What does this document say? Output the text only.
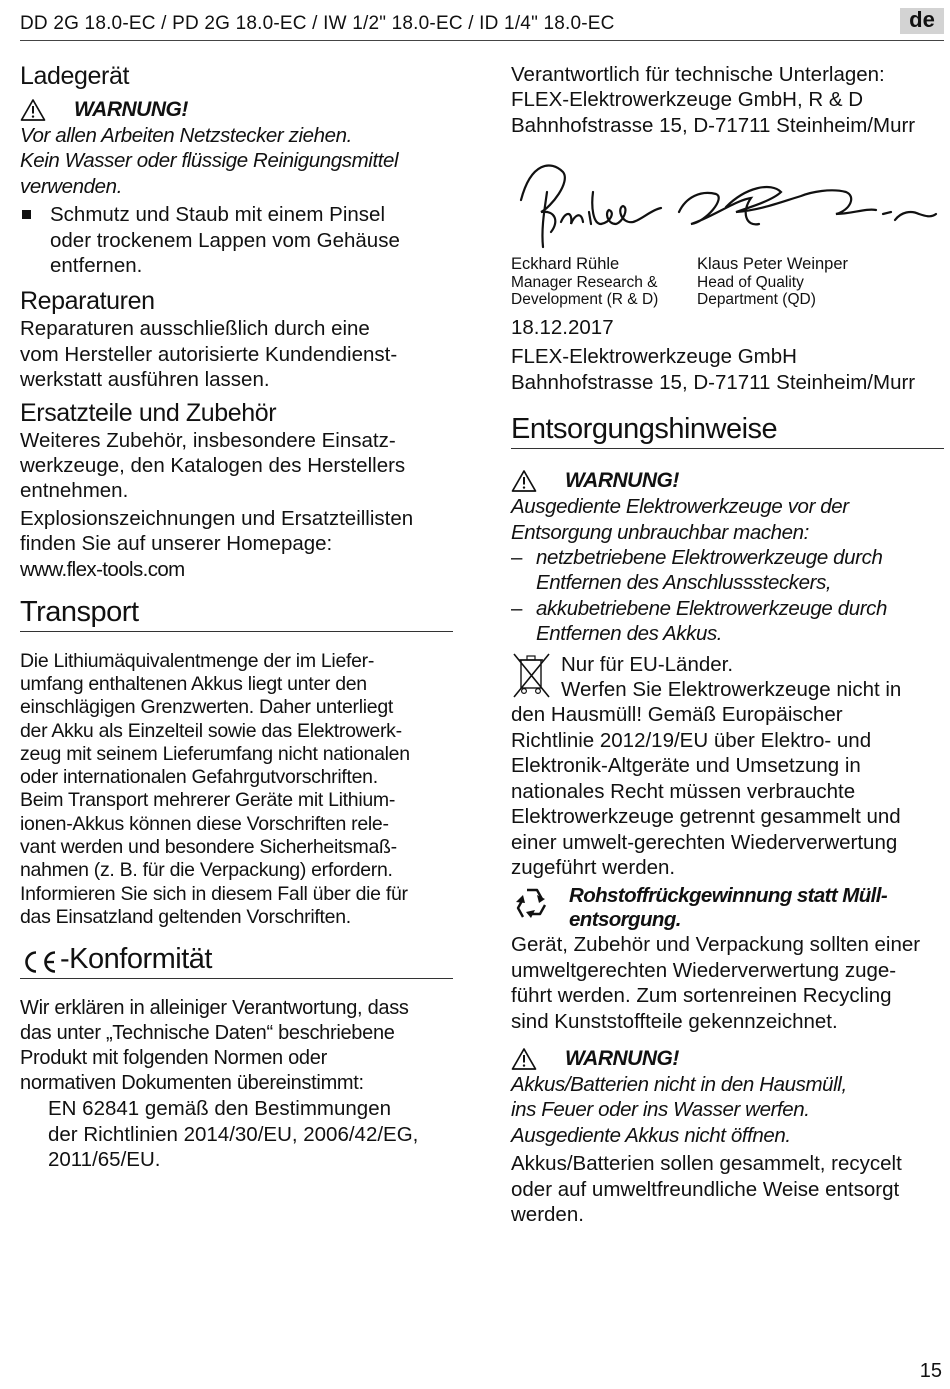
DD 2G 18.0-EC / PD 2G 18.0-EC / IW 1/2" 18.0-EC / ID 1/4" 18.0-EC	de
Ladegerät
WARNUNG!

Vor allen Arbeiten Netzstecker ziehen.
Kein Wasser oder flüssige Reinigungsmittel
verwenden.

Schmutz und Staub mit einem Pinsel
oder trockenem Lappen vom Gehäuse
entfernen.

Reparaturen

Reparaturen ausschließlich durch eine
vom Hersteller autorisierte Kundendienst-
werkstatt ausführen lassen.

Ersatzteile und Zubehör

Weiteres Zubehör, insbesondere Einsatz-
werkzeuge, den Katalogen des Herstellers
entnehmen.

Explosionszeichnungen und Ersatzteillisten
finden Sie auf unserer Homepage:

www.flex-tools.com
Transport

Die Lithiumäquivalentmenge der im Liefer-
umfang enthaltenen Akkus liegt unter den
einschlägigen Grenzwerten. Daher unterliegt
der Akku als Einzelteil sowie das Elektrowerk-
zeug mit seinem Lieferumfang nicht nationalen
oder internationalen Gefahrgutvorschriften.
Beim Transport mehrerer Geräte mit Lithium-
ionen-Akkus können diese Vorschriften rele-
vant werden und besondere Sicherheitsmaß-
nahmen (z. B. für die Verpackung) erfordern.
Informieren Sie sich in diesem Fall über die für
das Einsatzland geltenden Vorschriften.

-Konformität

Wir erklären in alleiniger Verantwortung, dass
das unter „Technische Daten“ beschriebene
Produkt mit folgenden Normen oder
normativen Dokumenten übereinstimmt:

EN 62841 gemäß den Bestimmungen
der Richtlinien 2014/30/EU, 2006/42/EG,
2011/65/EU.

Verantwortlich für technische Unterlagen:
FLEX-Elektrowerkzeuge GmbH, R & D
Bahnhofstrasse 15, D-71711 Steinheim/Murr

Eckhard Rühle
Manager Research &
Development (R & D)
Klaus Peter Weinper
Head of Quality
Department (QD)

18.12.2017
FLEX-Elektrowerkzeuge GmbH
Bahnhofstrasse 15, D-71711 Steinheim/Murr

Entsorgungshinweise
WARNUNG!

Ausgediente Elektrowerkzeuge vor der
Entsorgung unbrauchbar machen:

– netzbetriebene Elektrowerkzeuge durch
Entfernen des Anschlusssteckers,
– akkubetriebene Elektrowerkzeuge durch
Entfernen des Akkus.

Nur für EU-Länder.
Werfen Sie Elektrowerkzeuge nicht in

den Hausmüll! Gemäß Europäischer
Richtlinie 2012/19/EU über Elektro- und
Elektronik-Altgeräte und Umsetzung in
nationales Recht müssen verbrauchte
Elektrowerkzeuge getrennt gesammelt und
einer umwelt-gerechten Wiederverwertung
zugeführt werden.

Rohstoffrückgewinnung statt Müll-
entsorgung.

Gerät, Zubehör und Verpackung sollten einer
umweltgerechten Wiederverwertung zuge-
führt werden. Zum sortenreinen Recycling
sind Kunststoffteile gekennzeichnet.

WARNUNG!

Akkus/Batterien nicht in den Hausmüll,
ins Feuer oder ins Wasser werfen.
Ausgediente Akkus nicht öffnen.

Akkus/Batterien sollen gesammelt, recycelt
oder auf umweltfreundliche Weise entsorgt
werden.

15
